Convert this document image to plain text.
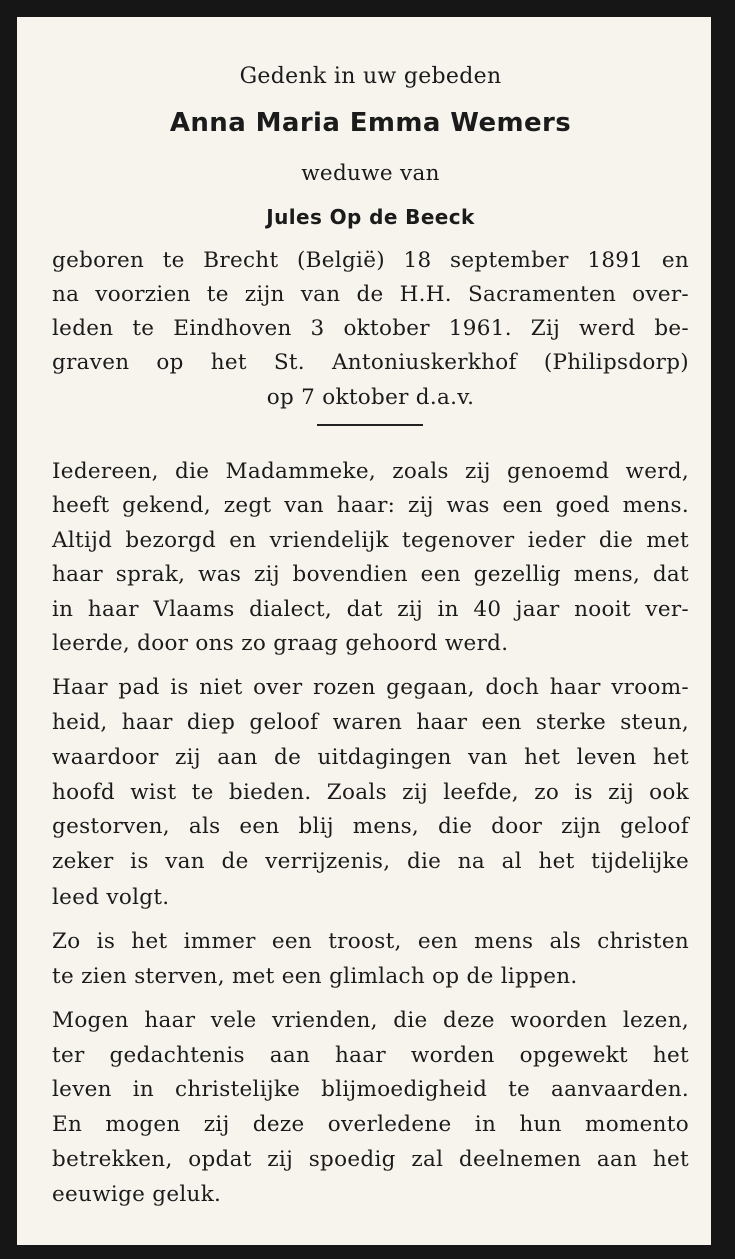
Gedenk in uw gebeden
Anna Maria Emma Wemers
weduwe van
Jules Op de Beeck
geboren te Brecht (België) 18 september 1891 en
na voorzien te zijn van de H.H. Sacramenten over-
leden te Eindhoven 3 oktober 1961. Zij werd be-
graven op het St. Antoniuskerkhof (Philipsdorp)
op 7 oktober d.a.v.
Iedereen, die Madammeke, zoals zij genoemd werd,
heeft gekend, zegt van haar: zij was een goed mens.
Altijd bezorgd en vriendelijk tegenover ieder die met
haar sprak, was zij bovendien een gezellig mens, dat
in haar Vlaams dialect, dat zij in 40 jaar nooit ver-
leerde, door ons zo graag gehoord werd.
Haar pad is niet over rozen gegaan, doch haar vroom-
heid, haar diep geloof waren haar een sterke steun,
waardoor zij aan de uitdagingen van het leven het
hoofd wist te bieden. Zoals zij leefde, zo is zij ook
gestorven, als een blij mens, die door zijn geloof
zeker is van de verrijzenis, die na al het tijdelijke
leed volgt.
Zo is het immer een troost, een mens als christen
te zien sterven, met een glimlach op de lippen.
Mogen haar vele vrienden, die deze woorden lezen,
ter gedachtenis aan haar worden opgewekt het
leven in christelijke blijmoedigheid te aanvaarden.
En mogen zij deze overledene in hun momento
betrekken, opdat zij spoedig zal deelnemen aan het
eeuwige geluk.
